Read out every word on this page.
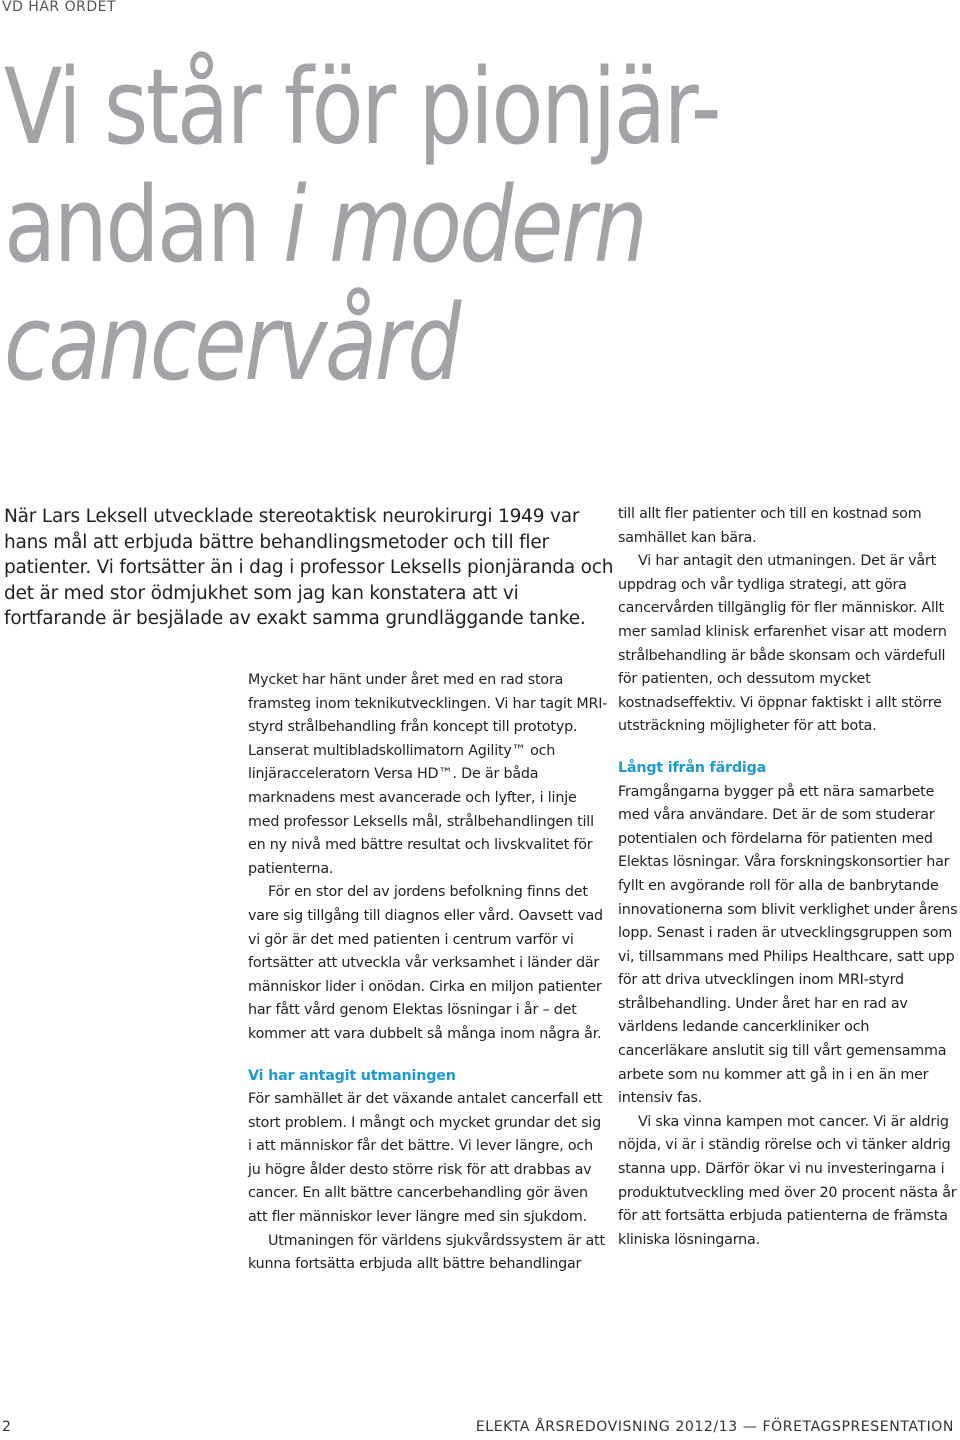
VD HAR ORDET
Vi står för pionjär-
andan i modern
cancervård

När Lars Leksell utvecklade stereotaktisk neurokirurgi 1949 var hans mål att erbjuda bättre behandlingsmetoder och till fler patienter. Vi fortsätter än i dag i professor Leksells pionjäranda och det är med stor ödmjukhet som jag kan konstatera att vi fortfarande är besjälade av exakt samma grundläggande tanke.

Mycket har hänt under året med en rad stora framsteg inom teknikutvecklingen. Vi har tagit MRI-styrd strålbehandling från koncept till prototyp. Lanserat multibladskollimatorn Agility™ och linjäracceleratorn Versa HD™. De är båda marknadens mest avancerade och lyfter, i linje med professor Leksells mål, strålbehandlingen till en ny nivå med bättre resultat och livskvalitet för patienterna.

För en stor del av jordens befolkning finns det vare sig tillgång till diagnos eller vård. Oavsett vad vi gör är det med patienten i centrum varför vi fortsätter att utveckla vår verksamhet i länder där människor lider i onödan. Cirka en miljon patienter har fått vård genom Elektas lösningar i år – det kommer att vara dubbelt så många inom några år.

Vi har antagit utmaningen

För samhället är det växande antalet cancerfall ett stort problem. I mångt och mycket grundar det sig i att människor får det bättre. Vi lever längre, och ju högre ålder desto större risk för att drabbas av cancer. En allt bättre cancerbehandling gör även att fler människor lever längre med sin sjukdom.

Utmaningen för världens sjukvårdssystem är att kunna fortsätta erbjuda allt bättre behandlingar

till allt fler patienter och till en kostnad som samhället kan bära.

Vi har antagit den utmaningen. Det är vårt uppdrag och vår tydliga strategi, att göra cancervården tillgänglig för fler människor. Allt mer samlad klinisk erfarenhet visar att modern strålbehandling är både skonsam och värdefull för patienten, och dessutom mycket kostnadseffektiv. Vi öppnar faktiskt i allt större utsträckning möjligheter för att bota.

Långt ifrån färdiga

Framgångarna bygger på ett nära samarbete med våra användare. Det är de som studerar potentialen och fördelarna för patienten med Elektas lösningar. Våra forskningskonsortier har fyllt en avgörande roll för alla de banbrytande innovationerna som blivit verklighet under årens lopp. Senast i raden är utvecklingsgruppen som vi, tillsammans med Philips Healthcare, satt upp för att driva utvecklingen inom MRI-styrd strålbehandling. Under året har en rad av världens ledande cancerkliniker och cancerläkare anslutit sig till vårt gemensamma arbete som nu kommer att gå in i en än mer intensiv fas.

Vi ska vinna kampen mot cancer. Vi är aldrig nöjda, vi är i ständig rörelse och vi tänker aldrig stanna upp. Därför ökar vi nu investeringarna i produktutveckling med över 20 procent nästa år för att fortsätta erbjuda patienterna de främsta kliniska lösningarna.

2	ELEKTA ÅRSREDOVISNING 2012/13 — FÖRETAGSPRESENTATION
